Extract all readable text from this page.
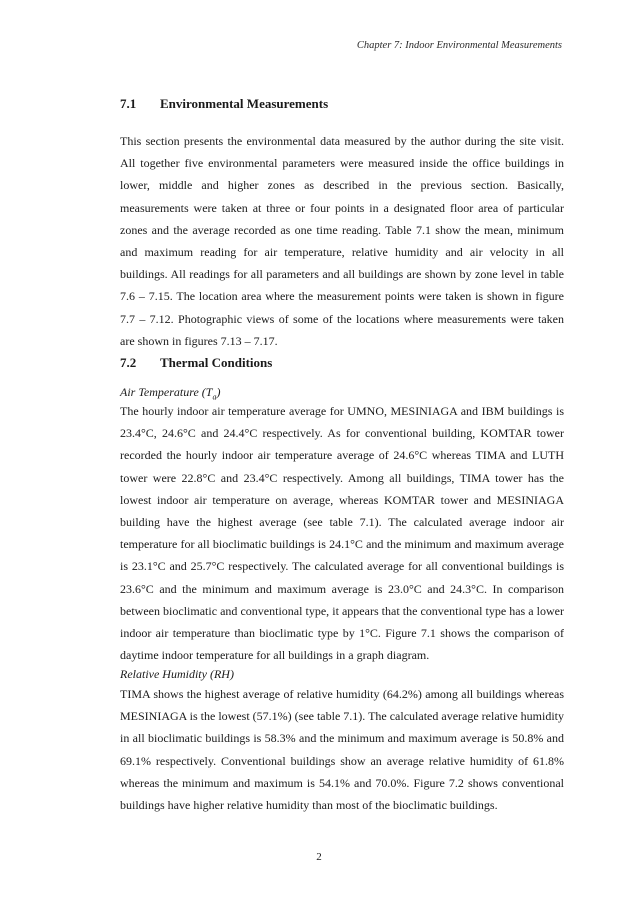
Chapter 7: Indoor Environmental Measurements
7.1 Environmental Measurements

This section presents the environmental data measured by the author during the site visit. All together five environmental parameters were measured inside the office buildings in lower, middle and higher zones as described in the previous section. Basically, measurements were taken at three or four points in a designated floor area of particular zones and the average recorded as one time reading. Table 7.1 show the mean, minimum and maximum reading for air temperature, relative humidity and air velocity in all buildings. All readings for all parameters and all buildings are shown by zone level in table 7.6 – 7.15. The location area where the measurement points were taken is shown in figure 7.7 – 7.12. Photographic views of some of the locations where measurements were taken are shown in figures 7.13 – 7.17.

7.2 Thermal Conditions
Air Temperature $(T_a)$

The hourly indoor air temperature average for UMNO, MESINIAGA and IBM buildings is 23.4°C, 24.6°C and 24.4°C respectively. As for conventional building, KOMTAR tower recorded the hourly indoor air temperature average of 24.6°C whereas TIMA and LUTH tower were 22.8°C and 23.4°C respectively. Among all buildings, TIMA tower has the lowest indoor air temperature on average, whereas KOMTAR tower and MESINIAGA building have the highest average (see table 7.1). The calculated average indoor air temperature for all bioclimatic buildings is 24.1°C and the minimum and maximum average is 23.1°C and 25.7°C respectively. The calculated average for all conventional buildings is 23.6°C and the minimum and maximum average is 23.0°C and 24.3°C. In comparison between bioclimatic and conventional type, it appears that the conventional type has a lower indoor air temperature than bioclimatic type by 1°C. Figure 7.1 shows the comparison of daytime indoor temperature for all buildings in a graph diagram.

Relative Humidity (RH)

TIMA shows the highest average of relative humidity (64.2%) among all buildings whereas MESINIAGA is the lowest (57.1%) (see table 7.1). The calculated average relative humidity in all bioclimatic buildings is 58.3% and the minimum and maximum average is 50.8% and 69.1% respectively. Conventional buildings show an average relative humidity of 61.8% whereas the minimum and maximum is 54.1% and 70.0%. Figure 7.2 shows conventional buildings have higher relative humidity than most of the bioclimatic buildings.

2
